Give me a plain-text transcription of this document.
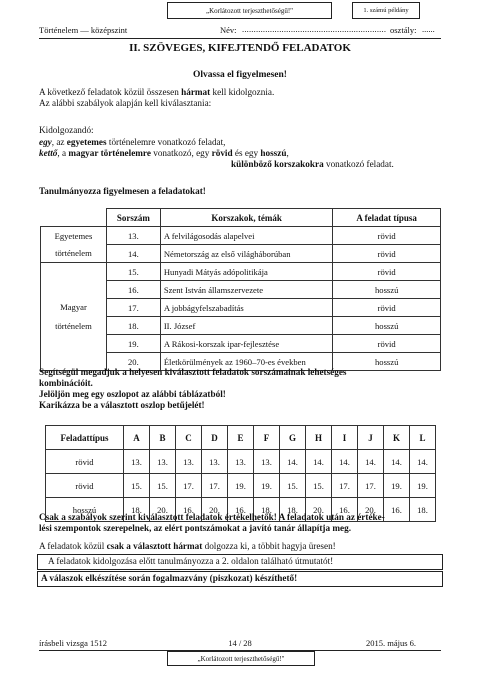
„Korlátozott terjeszthetőségű!"	1. számú példány
Történelem — középszint	Név: .............................................................. osztály: ......
II. SZÖVEGES, KIFEJTENDŐ FELADATOK
Olvassa el figyelmesen!
A következő feladatok közül összesen hármat kell kidolgoznia.
Az alábbi szabályok alapján kell kiválasztania:
Kidolgozandó:
egy, az egyetemes történelemre vonatkozó feladat,
kettő, a magyar történelemre vonatkozó, egy rövid és egy hosszú,
különböző korszakokra vonatkozó feladat.
Tanulmányozza figyelmesen a feladatokat!
	Sorszám	Korszakok, témák	A feladat típusa

Egyetemes
történelem	13.	A felvilágosodás alapelvei	rövid
	14.	Németország az első világháborúban	rövid

Magyar
történelem	15.	Hunyadi Mátyás adópolitikája	rövid
	16.	Szent István államszervezete	hosszú
	17.	A jobbágyfelszabadítás	rövid
	18.	II. József	hosszú
	19.	A Rákosi-korszak ipar-fejlesztése	rövid
	20.	Életkörülmények az 1960–70-es években	hosszú
Segítségül megadjuk a helyesen kiválasztott feladatok sorszámainak lehetséges
kombinációit.
Jelöljön meg egy oszlopot az alábbi táblázatból!
Karikázza be a választott oszlop betűjelét!
Feladattípus	A	B	C	D	E	F	G	H	I	J	K	L
rövid	13.	13.	13.	13.	13.	13.	14.	14.	14.	14.	14.	14.
rövid	15.	15.	17.	17.	19.	19.	15.	15.	17.	17.	19.	19.
hosszú	18.	20.	16.	20.	16.	18.	18.	20.	16.	20.	16.	18.
Csak a szabályok szerint kiválasztott feladatok értékelhetők! A feladatok után az értéke-
lési szempontok szerepelnek, az elért pontszámokat a javító tanár állapítja meg.
A feladatok közül csak a választott hármat dolgozza ki, a többit hagyja üresen!
A feladatok kidolgozása előtt tanulmányozza a 2. oldalon található útmutatót!
A válaszok elkészítése során fogalmazvány (piszkozat) készíthető!
írásbeli vizsga 1512	14 / 28	2015. május 6.
„Korlátozott terjeszthetőségű!"
